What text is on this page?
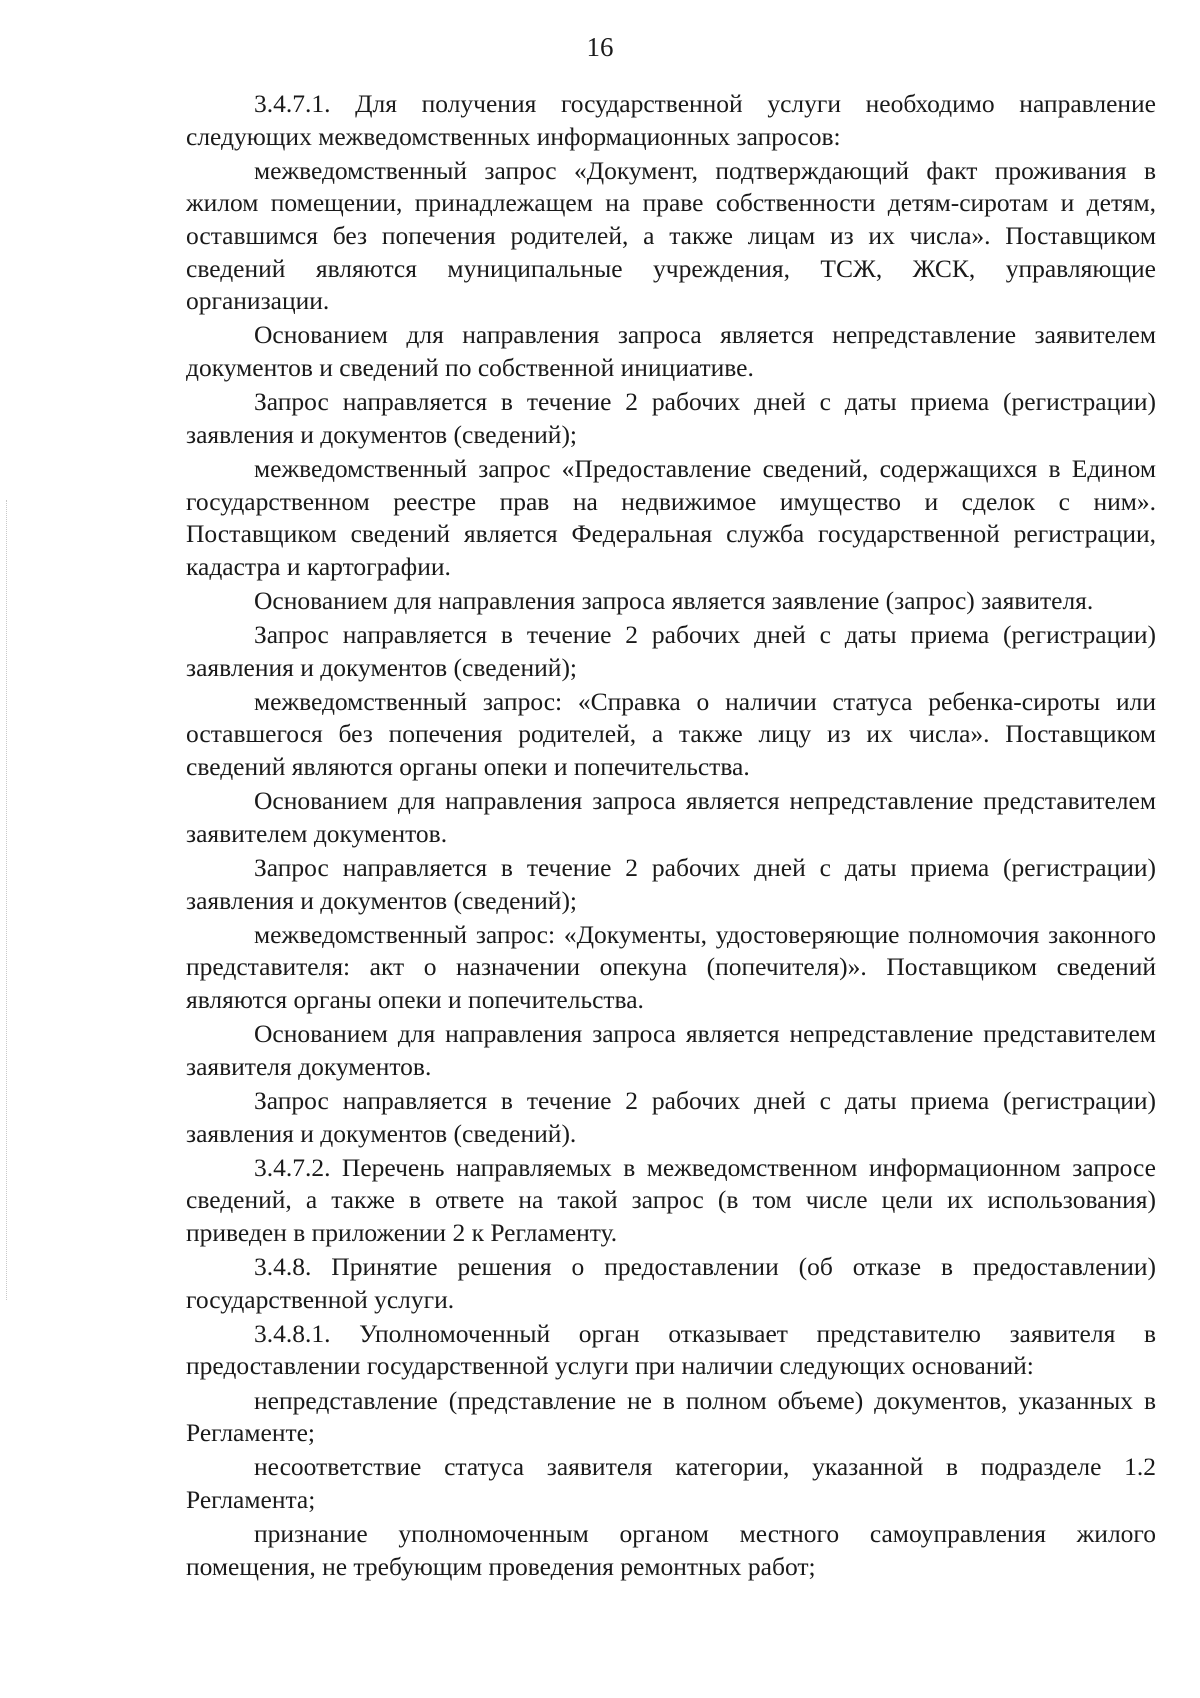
16

3.4.7.1. Для получения государственной услуги необходимо направление следующих межведомственных информационных запросов:

межведомственный запрос «Документ, подтверждающий факт проживания в жилом помещении, принадлежащем на праве собственности детям-сиротам и детям, оставшимся без попечения родителей, а также лицам из их числа». Поставщиком сведений являются муниципальные учреждения, ТСЖ, ЖСК, управляющие организации.

Основанием для направления запроса является непредставление заявителем документов и сведений по собственной инициативе.

Запрос направляется в течение 2 рабочих дней с даты приема (регистрации) заявления и документов (сведений);

межведомственный запрос «Предоставление сведений, содержащихся в Едином государственном реестре прав на недвижимое имущество и сделок с ним». Поставщиком сведений является Федеральная служба государственной регистрации, кадастра и картографии.

Основанием для направления запроса является заявление (запрос) заявителя.

Запрос направляется в течение 2 рабочих дней с даты приема (регистрации) заявления и документов (сведений);

межведомственный запрос: «Справка о наличии статуса ребенка-сироты или оставшегося без попечения родителей, а также лицу из их числа». Поставщиком сведений являются органы опеки и попечительства.

Основанием для направления запроса является непредставление представителем заявителем документов.

Запрос направляется в течение 2 рабочих дней с даты приема (регистрации) заявления и документов (сведений);

межведомственный запрос: «Документы, удостоверяющие полномочия законного представителя: акт о назначении опекуна (попечителя)». Поставщиком сведений являются органы опеки и попечительства.

Основанием для направления запроса является непредставление представителем заявителя документов.

Запрос направляется в течение 2 рабочих дней с даты приема (регистрации) заявления и документов (сведений).

3.4.7.2. Перечень направляемых в межведомственном информационном запросе сведений, а также в ответе на такой запрос (в том числе цели их использования) приведен в приложении 2 к Регламенту.

3.4.8. Принятие решения о предоставлении (об отказе в предоставлении) государственной услуги.

3.4.8.1. Уполномоченный орган отказывает представителю заявителя в предоставлении государственной услуги при наличии следующих оснований:

непредставление (представление не в полном объеме) документов, указанных в Регламенте;

несоответствие статуса заявителя категории, указанной в подразделе 1.2 Регламента;

признание уполномоченным органом местного самоуправления жилого помещения, не требующим проведения ремонтных работ;
